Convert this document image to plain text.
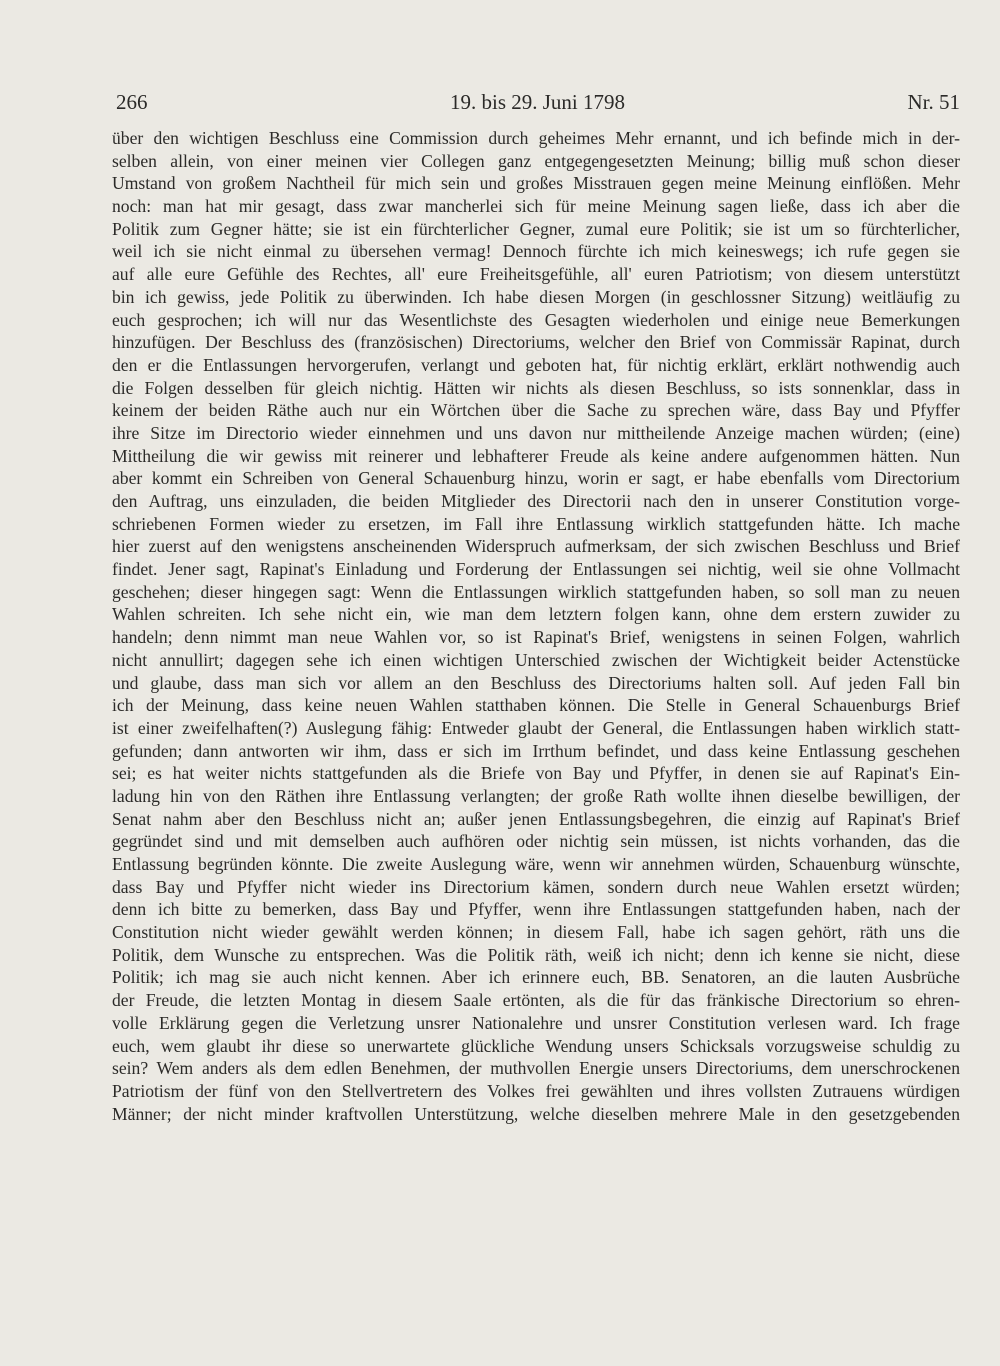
266	19. bis 29. Juni 1798	Nr. 51
über den wichtigen Beschluss eine Commission durch geheimes Mehr ernannt, und ich befinde mich in der-
selben allein, von einer meinen vier Collegen ganz entgegengesetzten Meinung; billig muß schon dieser
Umstand von großem Nachtheil für mich sein und großes Misstrauen gegen meine Meinung einflößen. Mehr
noch: man hat mir gesagt, dass zwar mancherlei sich für meine Meinung sagen ließe, dass ich aber die
Politik zum Gegner hätte; sie ist ein fürchterlicher Gegner, zumal eure Politik; sie ist um so fürchterlicher,
weil ich sie nicht einmal zu übersehen vermag! Dennoch fürchte ich mich keineswegs; ich rufe gegen sie
auf alle eure Gefühle des Rechtes, all' eure Freiheitsgefühle, all' euren Patriotism; von diesem unterstützt
bin ich gewiss, jede Politik zu überwinden. Ich habe diesen Morgen (in geschlossner Sitzung) weitläufig zu
euch gesprochen; ich will nur das Wesentlichste des Gesagten wiederholen und einige neue Bemerkungen
hinzufügen. Der Beschluss des (französischen) Directoriums, welcher den Brief von Commissär Rapinat, durch
den er die Entlassungen hervorgerufen, verlangt und geboten hat, für nichtig erklärt, erklärt nothwendig auch
die Folgen desselben für gleich nichtig. Hätten wir nichts als diesen Beschluss, so ists sonnenklar, dass in
keinem der beiden Räthe auch nur ein Wörtchen über die Sache zu sprechen wäre, dass Bay und Pfyffer
ihre Sitze im Directorio wieder einnehmen und uns davon nur mittheilende Anzeige machen würden; (eine)
Mittheilung die wir gewiss mit reinerer und lebhafterer Freude als keine andere aufgenommen hätten. Nun
aber kommt ein Schreiben von General Schauenburg hinzu, worin er sagt, er habe ebenfalls vom Directorium
den Auftrag, uns einzuladen, die beiden Mitglieder des Directorii nach den in unserer Constitution vorge-
schriebenen Formen wieder zu ersetzen, im Fall ihre Entlassung wirklich stattgefunden hätte. Ich mache
hier zuerst auf den wenigstens anscheinenden Widerspruch aufmerksam, der sich zwischen Beschluss und Brief
findet. Jener sagt, Rapinat's Einladung und Forderung der Entlassungen sei nichtig, weil sie ohne Vollmacht
geschehen; dieser hingegen sagt: Wenn die Entlassungen wirklich stattgefunden haben, so soll man zu neuen
Wahlen schreiten. Ich sehe nicht ein, wie man dem letztern folgen kann, ohne dem erstern zuwider zu
handeln; denn nimmt man neue Wahlen vor, so ist Rapinat's Brief, wenigstens in seinen Folgen, wahrlich
nicht annullirt; dagegen sehe ich einen wichtigen Unterschied zwischen der Wichtigkeit beider Actenstücke
und glaube, dass man sich vor allem an den Beschluss des Directoriums halten soll. Auf jeden Fall bin
ich der Meinung, dass keine neuen Wahlen statthaben können. Die Stelle in General Schauenburgs Brief
ist einer zweifelhaften(?) Auslegung fähig: Entweder glaubt der General, die Entlassungen haben wirklich statt-
gefunden; dann antworten wir ihm, dass er sich im Irrthum befindet, und dass keine Entlassung geschehen
sei; es hat weiter nichts stattgefunden als die Briefe von Bay und Pfyffer, in denen sie auf Rapinat's Ein-
ladung hin von den Räthen ihre Entlassung verlangten; der große Rath wollte ihnen dieselbe bewilligen, der
Senat nahm aber den Beschluss nicht an; außer jenen Entlassungsbegehren, die einzig auf Rapinat's Brief
gegründet sind und mit demselben auch aufhören oder nichtig sein müssen, ist nichts vorhanden, das die
Entlassung begründen könnte. Die zweite Auslegung wäre, wenn wir annehmen würden, Schauenburg wünschte,
dass Bay und Pfyffer nicht wieder ins Directorium kämen, sondern durch neue Wahlen ersetzt würden;
denn ich bitte zu bemerken, dass Bay und Pfyffer, wenn ihre Entlassungen stattgefunden haben, nach der
Constitution nicht wieder gewählt werden können; in diesem Fall, habe ich sagen gehört, räth uns die
Politik, dem Wunsche zu entsprechen. Was die Politik räth, weiß ich nicht; denn ich kenne sie nicht, diese
Politik; ich mag sie auch nicht kennen. Aber ich erinnere euch, BB. Senatoren, an die lauten Ausbrüche
der Freude, die letzten Montag in diesem Saale ertönten, als die für das fränkische Directorium so ehren-
volle Erklärung gegen die Verletzung unsrer Nationalehre und unsrer Constitution verlesen ward. Ich frage
euch, wem glaubt ihr diese so unerwartete glückliche Wendung unsers Schicksals vorzugsweise schuldig zu
sein? Wem anders als dem edlen Benehmen, der muthvollen Energie unsers Directoriums, dem unerschrockenen
Patriotism der fünf von den Stellvertretern des Volkes frei gewählten und ihres vollsten Zutrauens würdigen
Männer; der nicht minder kraftvollen Unterstützung, welche dieselben mehrere Male in den gesetzgebenden
